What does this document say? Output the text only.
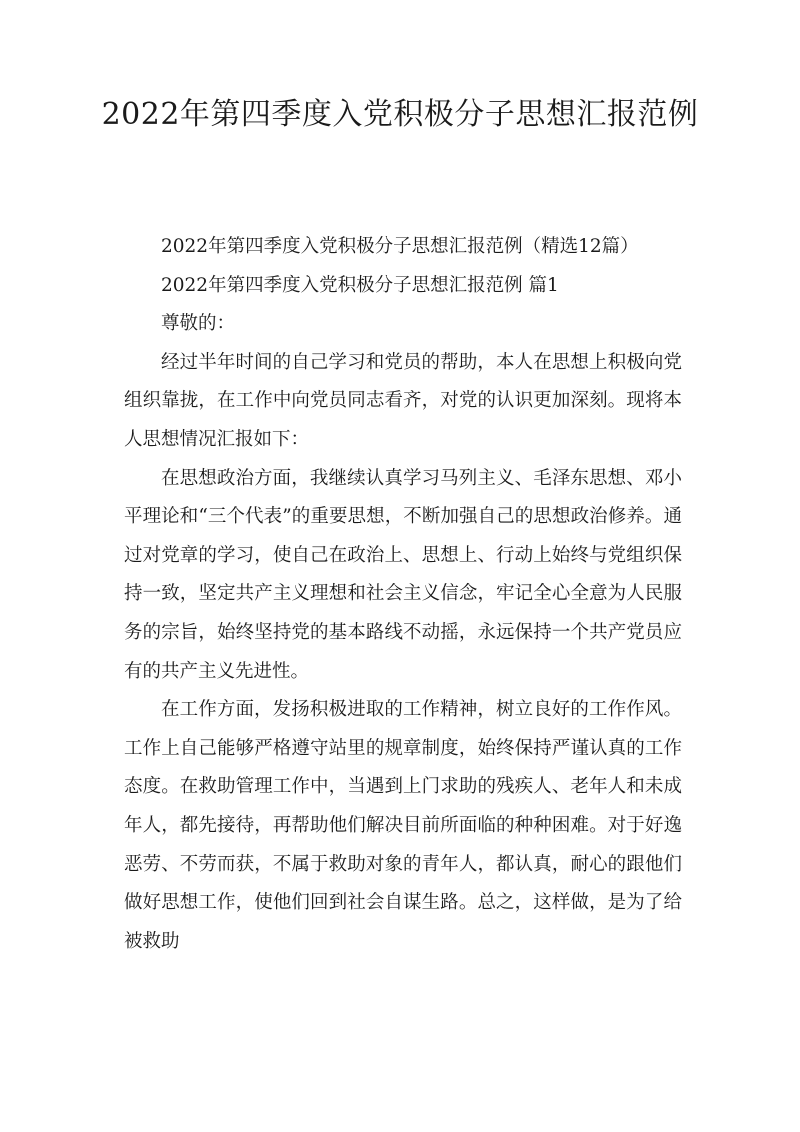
2022年第四季度入党积极分子思想汇报范例

2022年第四季度入党积极分子思想汇报范例（精选12篇）

2022年第四季度入党积极分子思想汇报范例 篇1

尊敬的：

经过半年时间的自己学习和党员的帮助，本人在思想上积极向党组织靠拢，在工作中向党员同志看齐，对党的认识更加深刻。现将本人思想情况汇报如下：

在思想政治方面，我继续认真学习马列主义、毛泽东思想、邓小平理论和“三个代表”的重要思想，不断加强自己的思想政治修养。通过对党章的学习，使自己在政治上、思想上、行动上始终与党组织保持一致，坚定共产主义理想和社会主义信念，牢记全心全意为人民服务的宗旨，始终坚持党的基本路线不动摇，永远保持一个共产党员应有的共产主义先进性。

在工作方面，发扬积极进取的工作精神，树立良好的工作作风。工作上自己能够严格遵守站里的规章制度，始终保持严谨认真的工作态度。在救助管理工作中，当遇到上门求助的残疾人、老年人和未成年人，都先接待，再帮助他们解决目前所面临的种种困难。对于好逸恶劳、不劳而获，不属于救助对象的青年人，都认真，耐心的跟他们做好思想工作，使他们回到社会自谋生路。总之，这样做，是为了给被救助
